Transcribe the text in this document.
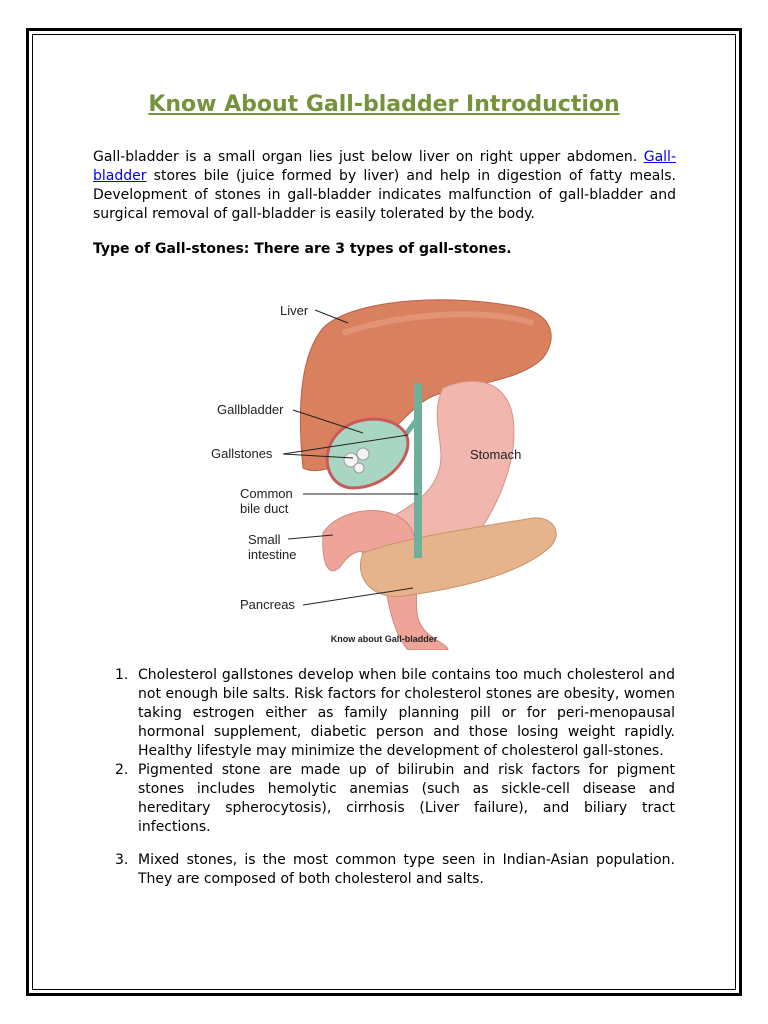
Know About Gall-bladder Introduction

Gall-bladder is a small organ lies just below liver on right upper abdomen. Gall-bladder stores bile (juice formed by liver) and help in digestion of fatty meals. Development of stones in gall-bladder indicates malfunction of gall-bladder and surgical removal of gall-bladder is easily tolerated by the body.

Type of Gall-stones: There are 3 types of gall-stones.

Liver
Gallbladder
Gallstones
Common
bile duct
Small
intestine
Pancreas
Stomach
Know about Gall-bladder
1. Cholesterol gallstones develop when bile contains too much cholesterol and not enough bile salts. Risk factors for cholesterol stones are obesity, women taking estrogen either as family planning pill or for peri-menopausal hormonal supplement, diabetic person and those losing weight rapidly. Healthy lifestyle may minimize the development of cholesterol gall-stones.
2. Pigmented stone are made up of bilirubin and risk factors for pigment stones includes hemolytic anemias (such as sickle-cell disease and hereditary spherocytosis), cirrhosis (Liver failure), and biliary tract infections.
3. Mixed stones, is the most common type seen in Indian-Asian population. They are composed of both cholesterol and salts.
